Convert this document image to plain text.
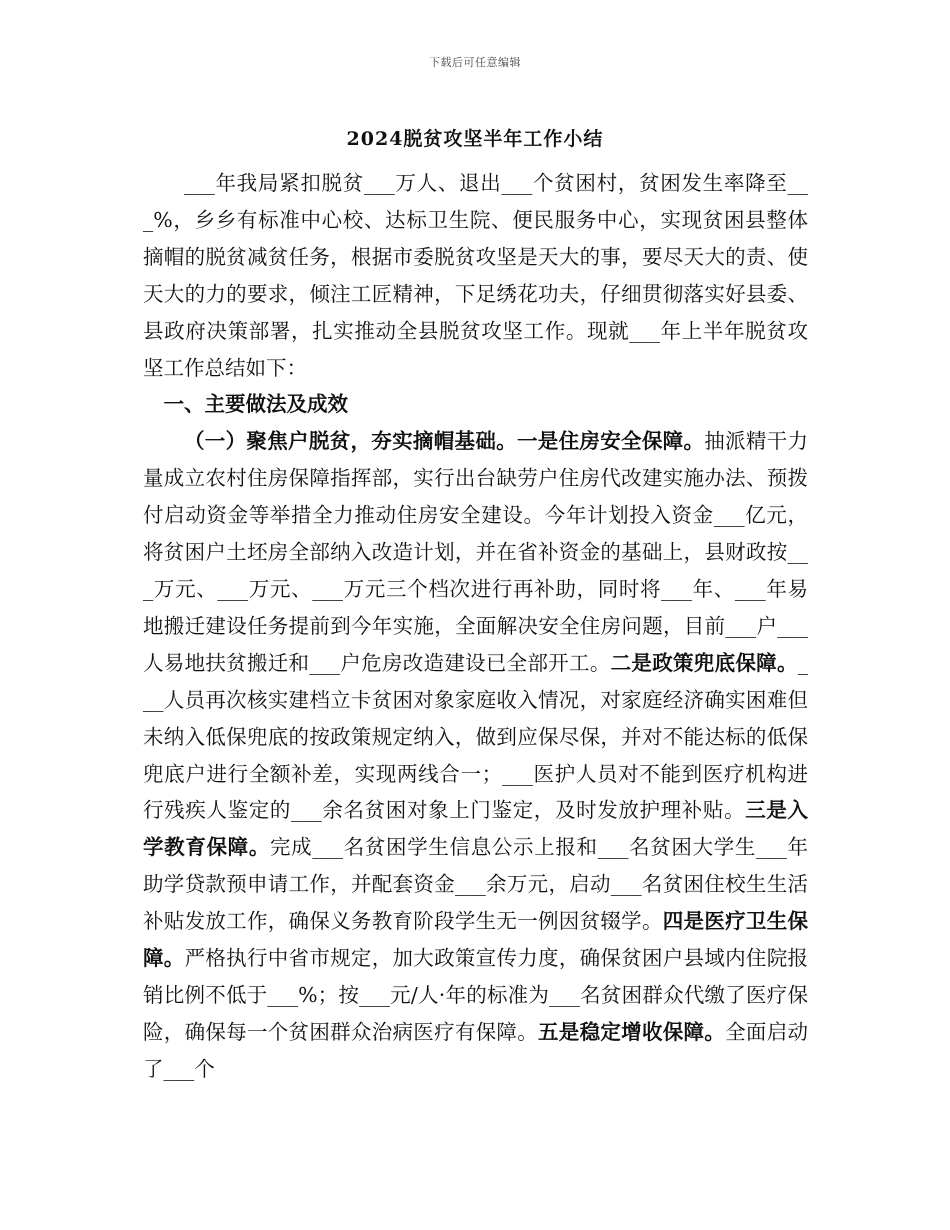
下载后可任意编辑
2024脱贫攻坚半年工作小结

___年我局紧扣脱贫___万人、退出___个贫困村，贫困发生率降至___%，乡乡有标准中心校、达标卫生院、便民服务中心，实现贫困县整体摘帽的脱贫减贫任务，根据市委脱贫攻坚是天大的事，要尽天大的责、使天大的力的要求，倾注工匠精神，下足绣花功夫，仔细贯彻落实好县委、县政府决策部署，扎实推动全县脱贫攻坚工作。现就___年上半年脱贫攻坚工作总结如下：

一、主要做法及成效

（一）聚焦户脱贫，夯实摘帽基础。一是住房安全保障。抽派精干力量成立农村住房保障指挥部，实行出台缺劳户住房代改建实施办法、预拨付启动资金等举措全力推动住房安全建设。今年计划投入资金___亿元，将贫困户土坯房全部纳入改造计划，并在省补资金的基础上，县财政按___万元、___万元、___万元三个档次进行再补助，同时将___年、___年易地搬迁建设任务提前到今年实施，全面解决安全住房问题，目前___户___人易地扶贫搬迁和___户危房改造建设已全部开工。二是政策兜底保障。___人员再次核实建档立卡贫困对象家庭收入情况，对家庭经济确实困难但未纳入低保兜底的按政策规定纳入，做到应保尽保，并对不能达标的低保兜底户进行全额补差，实现两线合一；___医护人员对不能到医疗机构进行残疾人鉴定的___余名贫困对象上门鉴定，及时发放护理补贴。三是入学教育保障。完成___名贫困学生信息公示上报和___名贫困大学生___年助学贷款预申请工作，并配套资金___余万元，启动___名贫困住校生生活补贴发放工作，确保义务教育阶段学生无一例因贫辍学。四是医疗卫生保障。严格执行中省市规定，加大政策宣传力度，确保贫困户县域内住院报销比例不低于___%；按___元/人·年的标准为___名贫困群众代缴了医疗保险，确保每一个贫困群众治病医疗有保障。五是稳定增收保障。全面启动了___个
